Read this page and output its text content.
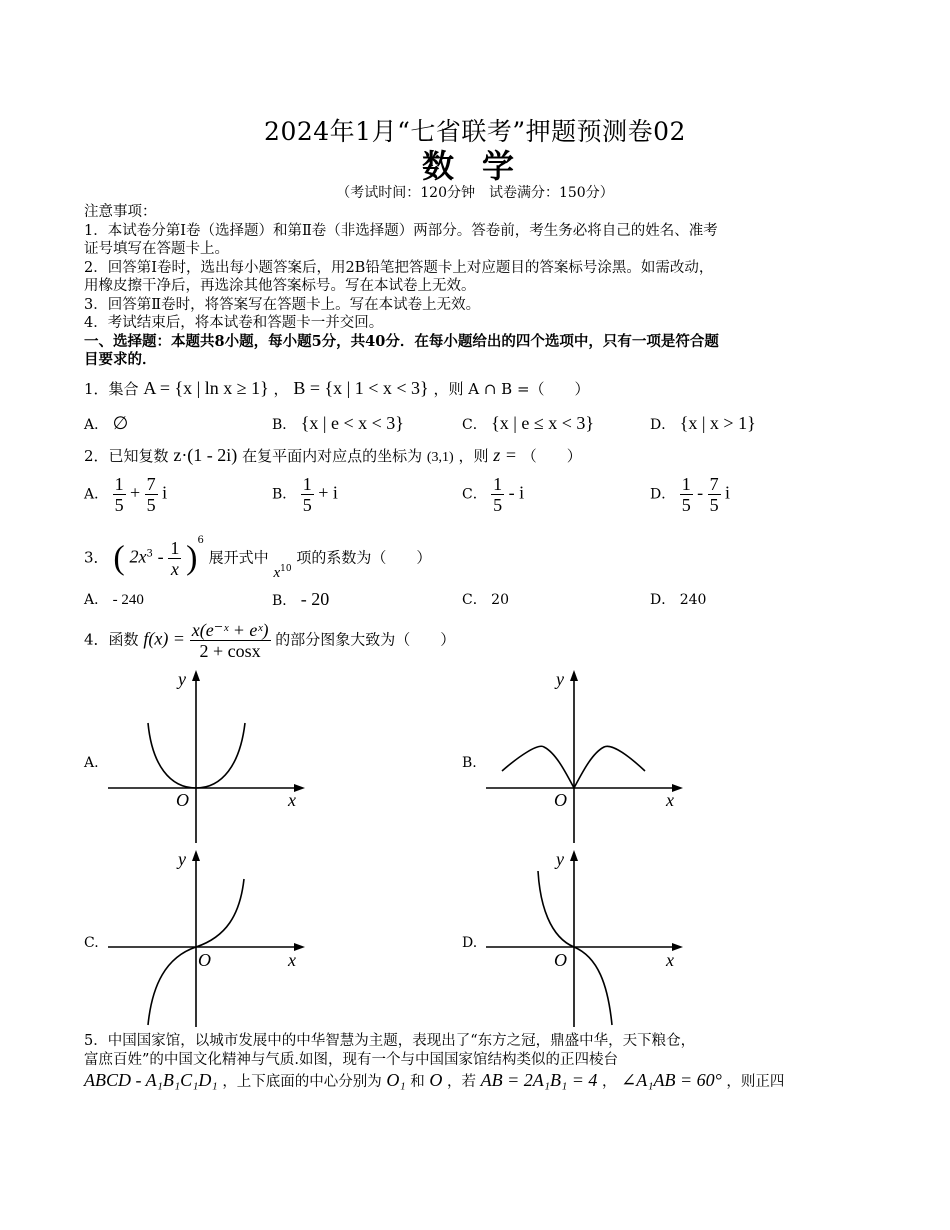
2024年1月“七省联考”押题预测卷02
数学
（考试时间：120分钟　试卷满分：150分）
注意事项：
1．本试卷分第Ⅰ卷（选择题）和第Ⅱ卷（非选择题）两部分。答卷前，考生务必将自己的姓名、准考
证号填写在答题卡上。
2．回答第Ⅰ卷时，选出每小题答案后，用2B铅笔把答题卡上对应题目的答案标号涂黑。如需改动，
用橡皮擦干净后，再选涂其他答案标号。写在本试卷上无效。
3．回答第Ⅱ卷时，将答案写在答题卡上。写在本试卷上无效。
4．考试结束后，将本试卷和答题卡一并交回。
一、选择题：本题共8小题，每小题5分，共40分．在每小题给出的四个选项中，只有一项是符合题
目要求的．
1．集合 A = {x | ln x ≥ 1} ， B = {x | 1 < x < 3} ，则 A ∩ B =（　　）
A． ∅	B． {x | e < x < 3}	C． {x | e ≤ x < 3}	D． {x | x > 1}
2．已知复数 z·(1 - 2i) 在复平面内对应点的坐标为 (3,1) ，则 z = （　　）
A． $\frac{1}{5} + \frac{7}{5}$ i	B． $\frac{1}{5} + i$	C． $\frac{1}{5}$ - i	D． $\frac{1}{5} - \frac{7}{5}$ i
3． ( $2x^3 - \frac{1}{x} )^6$ 展开式中 $x^{10}$ 项的系数为（　　）
A． - 240	B． - 20	C． 20	D． 240
4．函数 $f(x) = \frac{\text{x(e⁻ˣ + eˣ)}}{2 + \cos x}$ 的部分图象大致为（　　）
A.
O	x
y
B.
O	x
y
C.
O	x
y
D.
O	x
y
5．中国国家馆，以城市发展中的中华智慧为主题，表现出了“东方之冠，鼎盛中华，天下粮仓，
富庶百姓”的中国文化精神与气质.如图，现有一个与中国国家馆结构类似的正四棱台
ABCD - A₁B₁C₁D₁ ，上下底面的中心分别为 O₁ 和 O ，若 AB = 2A₁B₁ = 4 ， ∠A₁AB = 60° ，则正四
